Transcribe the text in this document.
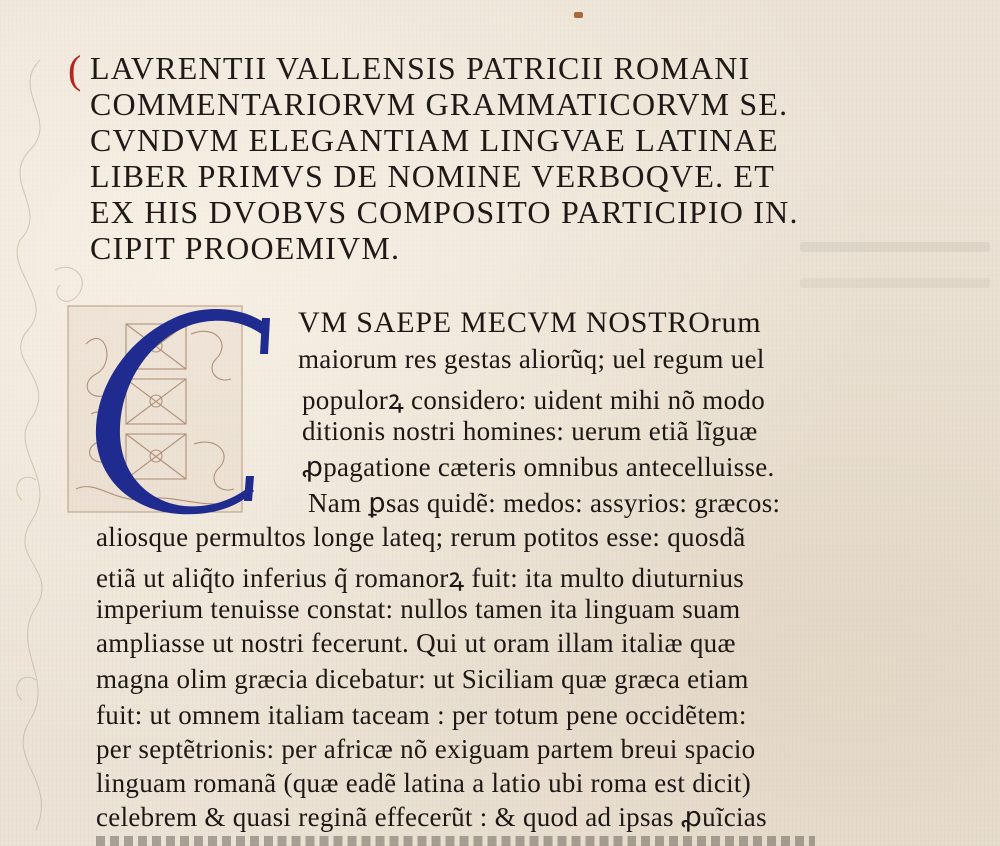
( LAVRENTII VALLENSIS PATRICII ROMANI
COMMENTARIORVM GRAMMATICORVM SE.
CVNDVM ELEGANTIAM LINGVAE LATINAE
LIBER PRIMVS DE NOMINE VERBOQVE. ET
EX HIS DVOBVS COMPOSITO PARTICIPIO IN.
CIPIT PROOEMIVM.
VM SAEPE MECVM NOSTROrum
maiorum res gestas aliorũq; uel regum uel
populorꝝ considero: uident mihi nõ modo
ditionis nostri homines: uerum etiã lĩguæ
ꝓpagatione cæteris omnibus antecelluisse.
Nam ꝑsas quidẽ: medos: assyrios: græcos:
aliosque permultos longe lateq; rerum potitos esse: quosdã
etiã ut aliq̃to inferius q̃ romanorꝝ fuit: ita multo diuturnius
imperium tenuisse constat: nullos tamen ita linguam suam
ampliasse ut nostri fecerunt. Qui ut oram illam italiæ quæ
magna olim græcia dicebatur: ut Siciliam quæ græca etiam
fuit: ut omnem italiam taceam : per totum pene occidẽtem:
per septẽtrionis: per africæ nõ exiguam partem breui spacio
linguam romanã (quæ eadẽ latina a latio ubi roma est dicit)
celebrem & quasi reginã effecerũt : & quod ad ipsas ꝓuĩcias
